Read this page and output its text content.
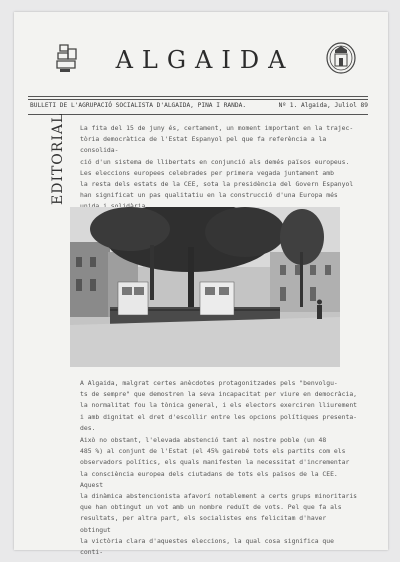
ALGAIDA
BULLETI DE L'AGRUPACIÓ SOCIALISTA D'ALGAIDA, PINA I RANDA.	Nº 1. Algaida, Juliol 89
EDITORIAL	La fita del 15 de juny és, certament, un moment important en la trajec-

tòria democràtica de l'Estat Espanyol pel que fa referència a la consolida-

ció d'un sistema de llibertats en conjunció als demés països europeus.

Les eleccions europees celebrades per primera vegada juntament amb

la resta dels estats de la CEE, sota la presidència del Govern Espanyol

han significat un pas qualitatiu en la construcció d'una Europa més

A Algaida, malgrat certes anècdotes protagonitzades pels "benvolgu-

ts de sempre" que demostren la seva incapacitat per viure en democràcia,

la normalitat fou la tònica general, i els electors exerciren lliurement

i amb dignitat el dret d'escollir entre les opcions polítiques presenta-

des.

Això no obstant, l'elevada abstenció tant al nostre poble (un 48

485 %) al conjunt de l'Estat (el 45% gairebé tots els partits com els

observadors polítics, els quals manifesten la necessitat d'incrementar

la consciència europea dels ciutadans de tots els països de la CEE. Aquest

la dinàmica abstencionista afavorí notablement a certs grups minoritaris

que han obtingut un vot amb un nombre reduït de vots. Pel que fa als

resultats, per altra part, els socialistes ens felicitam d'haver obtingut

la victòria clara d'aquestes eleccions, la qual cosa significa que conti-
